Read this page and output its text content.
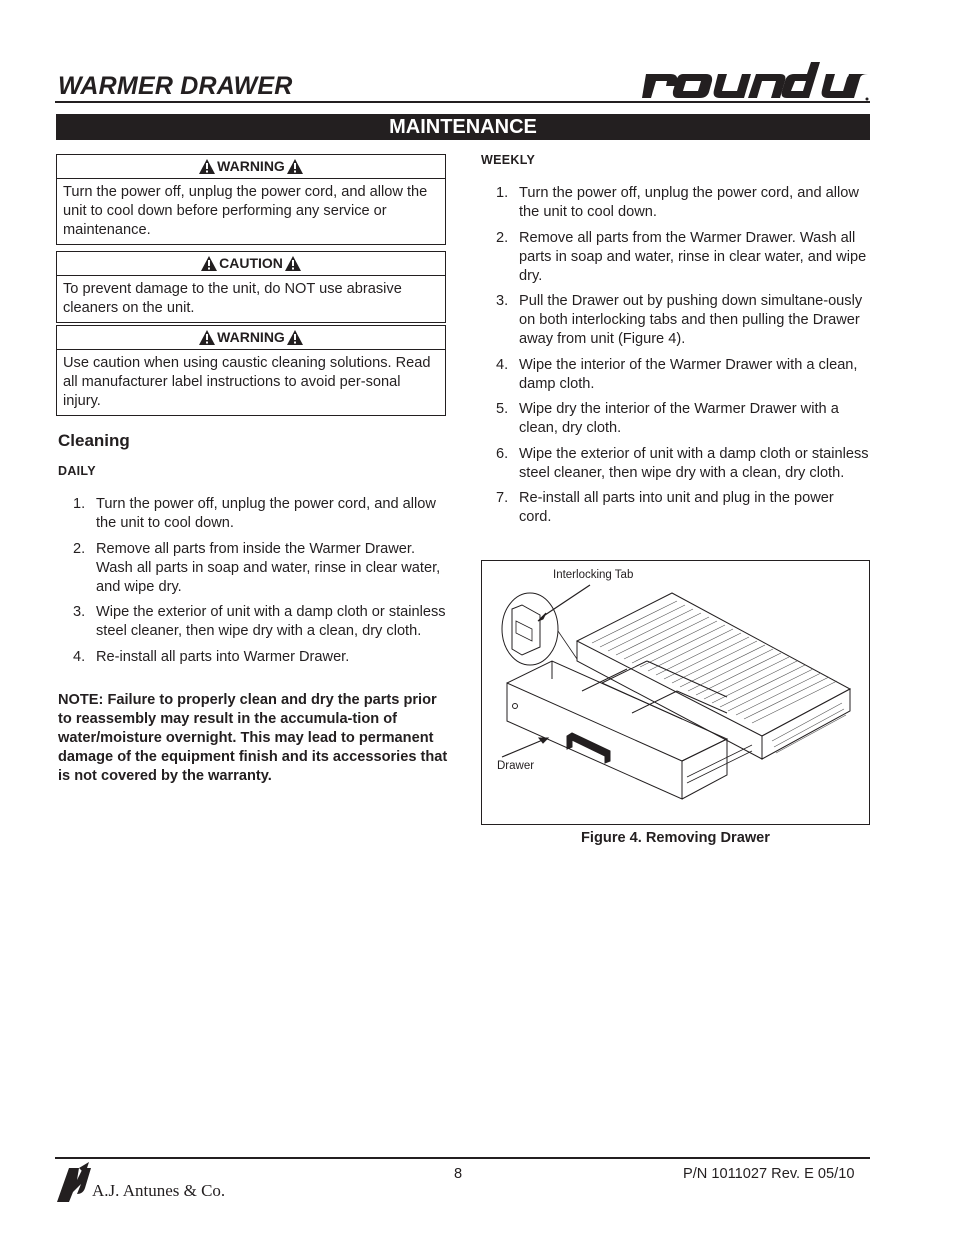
WARMER DRAWER
MAINTENANCE
WARNING
Turn the power off, unplug the power cord, and allow the unit to cool down before performing any service or maintenance.
CAUTION
To prevent damage to the unit, do NOT use abrasive cleaners on the unit.
WARNING
Use caution when using caustic cleaning solutions. Read all manufacturer label instructions to avoid per-sonal injury.
Cleaning
DAILY
1. Turn the power off, unplug the power cord, and allow the unit to cool down.
2. Remove all parts from inside the Warmer Drawer. Wash all parts in soap and water, rinse in clear water, and wipe dry.
3. Wipe the exterior of unit with a damp cloth or stainless steel cleaner, then wipe dry with a clean, dry cloth.
4. Re-install all parts into Warmer Drawer.
NOTE: Failure to properly clean and dry the parts prior to reassembly may result in the accumula-tion of water/moisture overnight. This may lead to permanent damage of the equipment finish and its accessories that is not covered by the warranty.
WEEKLY
1. Turn the power off, unplug the power cord, and allow the unit to cool down.
2. Remove all parts from the Warmer Drawer. Wash all parts in soap and water, rinse in clear water, and wipe dry.
3. Pull the Drawer out by pushing down simultane-ously on both interlocking tabs and then pulling the Drawer away from unit (Figure 4).
4. Wipe the interior of the Warmer Drawer with a clean, damp cloth.
5. Wipe dry the interior of the Warmer Drawer with a clean, dry cloth.
6. Wipe the exterior of unit with a damp cloth or stainless steel cleaner, then wipe dry with a clean, dry cloth.
7. Re-install all parts into unit and plug in the power cord.
Interlocking Tab
Drawer
Figure 4. Removing Drawer
A.J. Antunes & Co.
8	P/N 1011027 Rev. E 05/10
